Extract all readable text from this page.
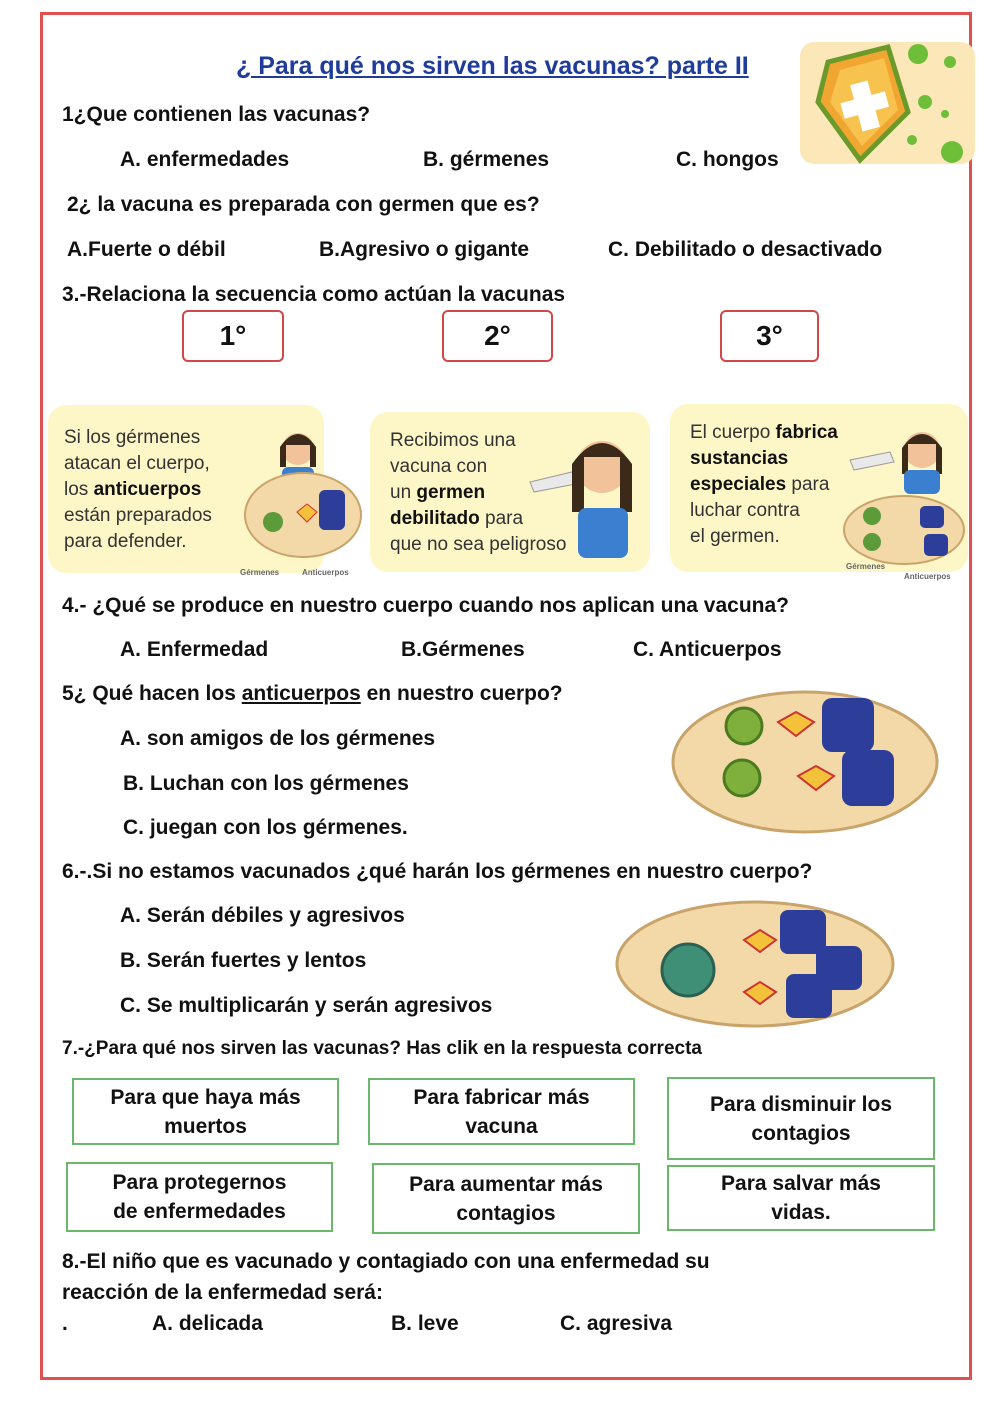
¿ Para qué nos sirven las vacunas? parte II
1¿Que contienen las vacunas?
A. enfermedades	B. gérmenes	C. hongos
2¿ la vacuna es preparada con germen que es?
A.Fuerte o débil	B.Agresivo o gigante	C. Debilitado o desactivado
3.-Relaciona la secuencia como actúan la vacunas
1°	2°	3°
Si los gérmenes
atacan el cuerpo,
los anticuerpos
están preparados
para defender.
Gérmenes	Anticuerpos
Recibimos una
vacuna con
un germen
debilitado para
que no sea peligroso
El cuerpo fabrica
sustancias
especiales para
luchar contra
el germen.
Gérmenes
Anticuerpos
4.- ¿Qué se produce en nuestro cuerpo cuando nos aplican una vacuna?
A. Enfermedad	B.Gérmenes	C. Anticuerpos
5¿ Qué hacen los anticuerpos en nuestro cuerpo?
A. son amigos de los gérmenes
B. Luchan con los gérmenes
C. juegan con los gérmenes.
6.-.Si no estamos vacunados ¿qué harán los gérmenes en nuestro cuerpo?
A. Serán débiles y agresivos
B. Serán fuertes y lentos
C. Se multiplicarán y serán agresivos
7.-¿Para qué nos sirven las vacunas? Has clik en la respuesta correcta
Para que haya más
muertos
Para fabricar más
vacuna
Para disminuir los
contagios
Para protegernos
de enfermedades
Para aumentar más
contagios
Para salvar más
vidas.
8.-El niño que es vacunado y contagiado con una enfermedad su
reacción de la enfermedad será:
.	A. delicada	B. leve	C. agresiva
